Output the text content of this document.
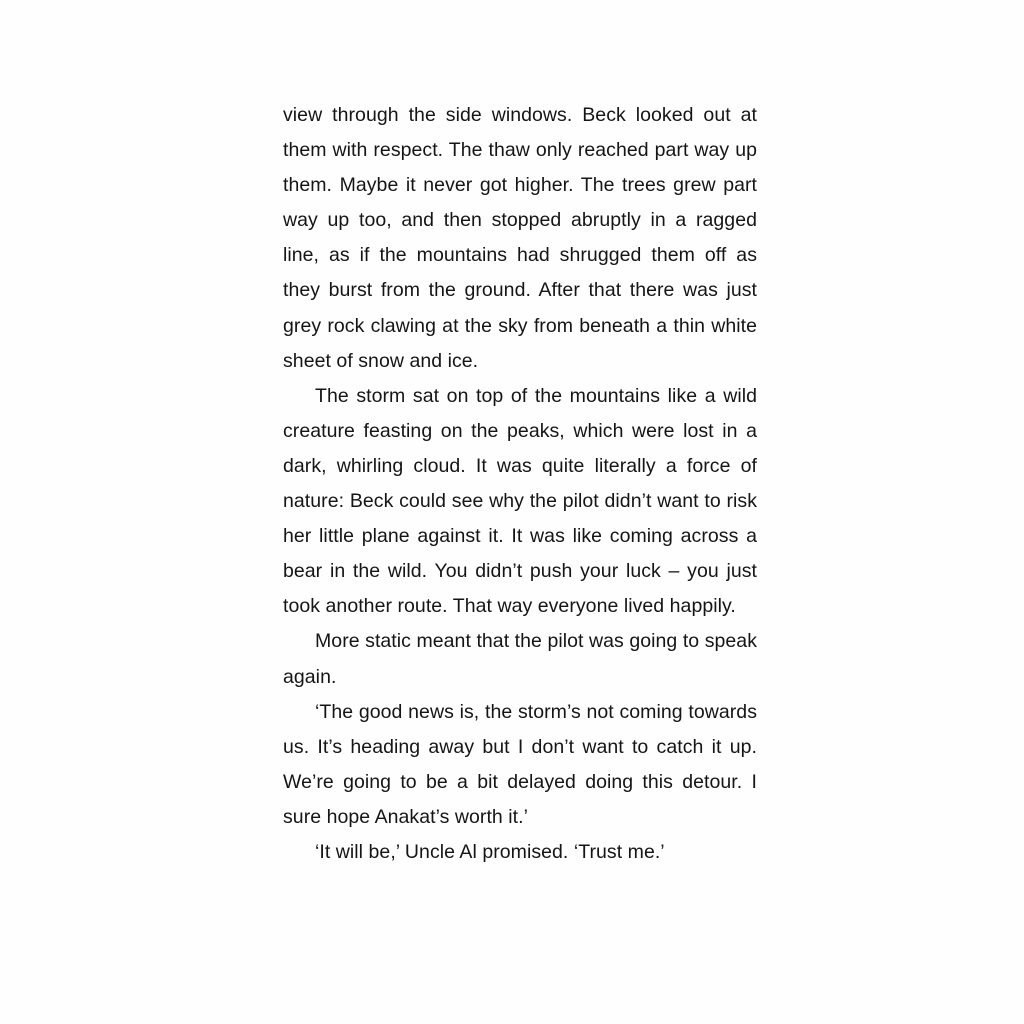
view through the side windows. Beck looked out at them with respect. The thaw only reached part way up them. Maybe it never got higher. The trees grew part way up too, and then stopped abruptly in a ragged line, as if the mountains had shrugged them off as they burst from the ground. After that there was just grey rock clawing at the sky from beneath a thin white sheet of snow and ice.

The storm sat on top of the mountains like a wild creature feasting on the peaks, which were lost in a dark, whirling cloud. It was quite literally a force of nature: Beck could see why the pilot didn’t want to risk her little plane against it. It was like coming across a bear in the wild. You didn’t push your luck – you just took another route. That way everyone lived happily.

More static meant that the pilot was going to speak again.

‘The good news is, the storm’s not coming towards us. It’s heading away but I don’t want to catch it up. We’re going to be a bit delayed doing this detour. I sure hope Anakat’s worth it.’

‘It will be,’ Uncle Al promised. ‘Trust me.’
